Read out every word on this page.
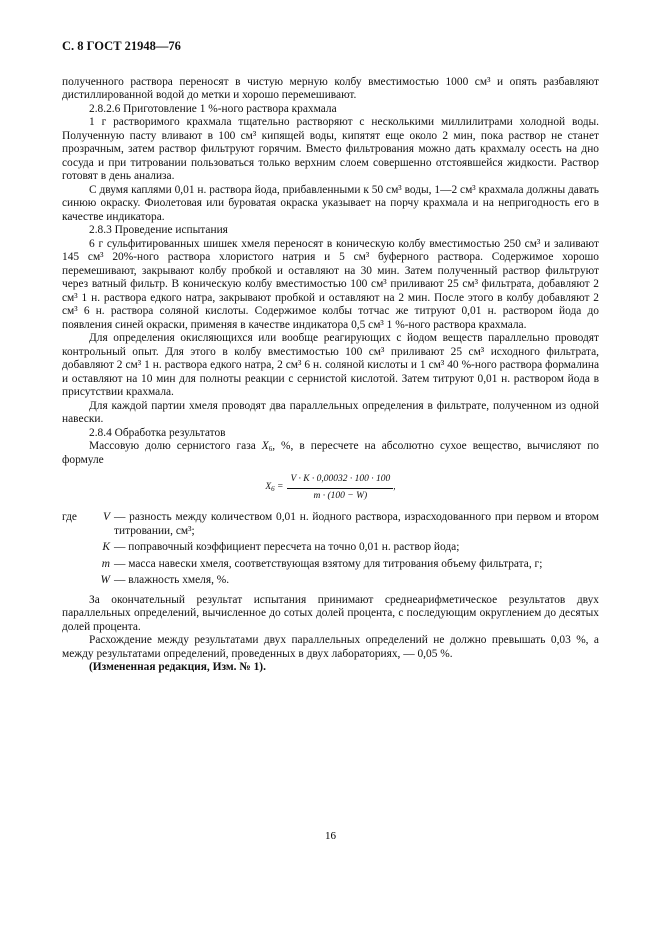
С. 8 ГОСТ 21948—76

полученного раствора переносят в чистую мерную колбу вместимостью 1000 см³ и опять разбавляют дистиллированной водой до метки и хорошо перемешивают.

2.8.2.6 Приготовление 1 %-ного раствора крахмала

1 г растворимого крахмала тщательно растворяют с несколькими миллилитрами холодной воды. Полученную пасту вливают в 100 см³ кипящей воды, кипятят еще около 2 мин, пока раствор не станет прозрачным, затем раствор фильтруют горячим. Вместо фильтрования можно дать крахмалу осесть на дно сосуда и при титровании пользоваться только верхним слоем совершенно отстоявшейся жидкости. Раствор готовят в день анализа.

С двумя каплями 0,01 н. раствора йода, прибавленными к 50 см³ воды, 1—2 см³ крахмала должны давать синюю окраску. Фиолетовая или буроватая окраска указывает на порчу крахмала и на непригодность его в качестве индикатора.

2.8.3 Проведение испытания

6 г сульфитированных шишек хмеля переносят в коническую колбу вместимостью 250 см³ и заливают 145 см³ 20%-ного раствора хлористого натрия и 5 см³ буферного раствора. Содержимое хорошо перемешивают, закрывают колбу пробкой и оставляют на 30 мин. Затем полученный раствор фильтруют через ватный фильтр. В коническую колбу вместимостью 100 см³ приливают 25 см³ фильтрата, добавляют 2 см³ 1 н. раствора едкого натра, закрывают пробкой и оставляют на 2 мин. После этого в колбу добавляют 2 см³ 6 н. раствора соляной кислоты. Содержимое колбы тотчас же титруют 0,01 н. раствором йода до появления синей окраски, применяя в качестве индикатора 0,5 см³ 1 %-ного раствора крахмала.

Для определения окисляющихся или вообще реагирующих с йодом веществ параллельно проводят контрольный опыт. Для этого в колбу вместимостью 100 см³ приливают 25 см³ исходного фильтрата, добавляют 2 см³ 1 н. раствора едкого натра, 2 см³ 6 н. соляной кислоты и 1 см³ 40 %-ного раствора формалина и оставляют на 10 мин для полноты реакции с сернистой кислотой. Затем титруют 0,01 н. раствором йода в присутствии крахмала.

Для каждой партии хмеля проводят два параллельных определения в фильтрате, полученном из одной навески.

2.8.4 Обработка результатов

Массовую долю сернистого газа $X_6$, %, в пересчете на абсолютно сухое вещество, вычисляют по формуле

$X_6 = \frac{V \cdot K \cdot 0,00032 \cdot 100 \cdot 100}{m \cdot (100 - W)}$ ,
где	V — разность между количеством 0,01 н. йодного раствора, израсходованного при первом и втором титровании, см³;
K — поправочный коэффициент пересчета на точно 0,01 н. раствор йода;
m — масса навески хмеля, соответствующая взятому для титрования объему фильтрата, г;
W — влажность хмеля, %.

За окончательный результат испытания принимают среднеарифметическое результатов двух параллельных определений, вычисленное до сотых долей процента, с последующим округлением до десятых долей процента.

Расхождение между результатами двух параллельных определений не должно превышать 0,03 %, а между результатами определений, проведенных в двух лабораториях, — 0,05 %.

(Измененная редакция, Изм. № 1).

16
